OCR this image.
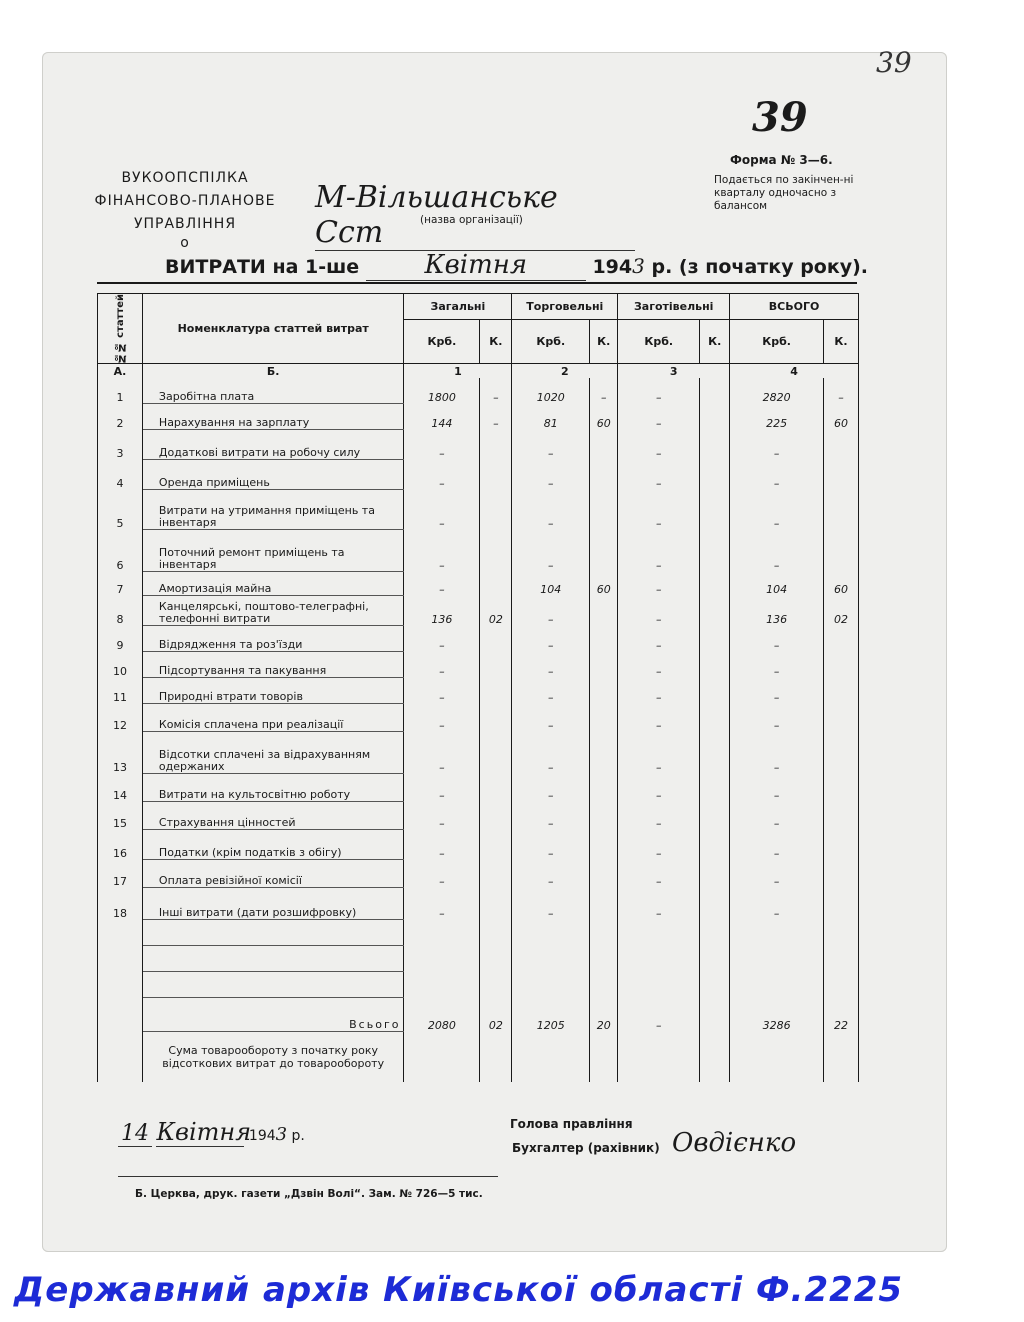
39
39
ВУКООПСПІЛКА
ФІНАНСОВО-ПЛАНОВЕ
УПРАВЛІННЯ
o
М-Вільшанське Сст	(назва організації)
Форма № 3—6.
Подається по закінчен-ні кварталу одночасно з балансом
ВИТРАТИ на 1-ше	Квітня	1943 р. (з початку року).
№№ статтей	Номенклатура статтей витрат	Загальні		Торговельні		Заготівельні		ВСЬОГО	
		Крб.	К.	Крб.	К.	Крб.	К.	Крб.	К.
А.	Б.	1		2		3		4	
1	Заробітна плата	1800	–	1020	–	–		2820	–
2	Нарахування на зарплату	144	–	81	60	–		225	60
3	Додаткові витрати на робочу силу	–		–		–		–	
4	Оренда приміщень	–		–		–		–	
5	Витрати на утримання приміщень та інвентаря	–		–		–		–	
6	Поточний ремонт приміщень та інвентаря	–		–		–		–	
7	Амортизація майна	–		104	60	–		104	60
8	Канцелярські, поштово-телеграфні, телефонні витрати	136	02	–		–		136	02
9	Відрядження та роз'їзди	–		–		–		–	
10	Підсортування та пакування	–		–		–		–	
11	Природні втрати товорів	–		–		–		–	
12	Комісія сплачена при реалізації	–		–		–		–	
13	Відсотки сплачені за відрахуванням одержаних	–		–		–		–	
14	Витрати на культосвітню роботу	–		–		–		–	
15	Страхування цінностей	–		–		–		–	
16	Податки (крім податків з обігу)	–		–		–		–	
17	Оплата ревізійної комісії	–		–		–		–	
18	Інші витрати (дати розшифровку)	–		–		–		–	

	Всього	2080	02	1205	20	–		3286	22
	Сума товарообороту з початку року відсоткових витрат до товарообороту								
14 Квітня 1943 р.
Голова правління
Бухгалтер (рахівник) Овдієнко
Б. Церква, друк. газети „Дзвін Волі“. Зам. № 726—5 тис.
Державний архів Київської області Ф.2225
